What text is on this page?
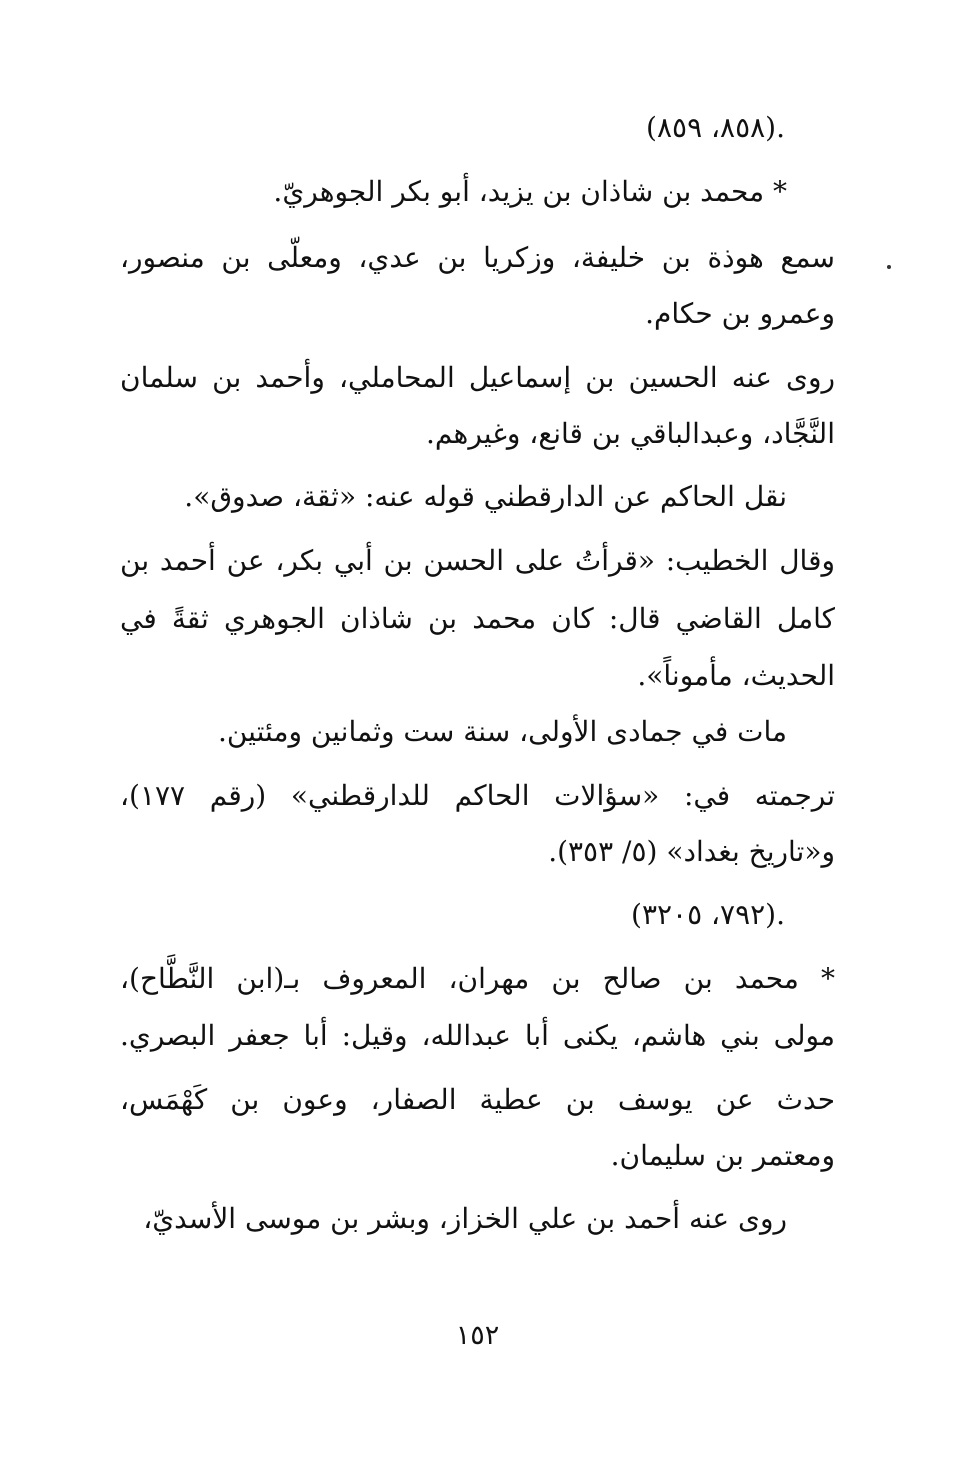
.(٨٥٨، ٨٥٩)
* محمد بن شاذان بن يزيد، أبو بكر الجوهريّ.
سمع هوذة بن خليفة، وزكريا بن عدي، ومعلّى بن منصور،
وعمرو بن حكام.
روى عنه الحسين بن إسماعيل المحاملي، وأحمد بن سلمان
النَّجَّاد، وعبدالباقي بن قانع، وغيرهم.
نقل الحاكم عن الدارقطني قوله عنه: «ثقة، صدوق».
وقال الخطيب: «قرأتُ على الحسن بن أبي بكر، عن أحمد بن
كامل القاضي قال: كان محمد بن شاذان الجوهري ثقةً في
الحديث، مأموناً».
مات في جمادى الأولى، سنة ست وثمانين ومئتين.
ترجمته في: «سؤالات الحاكم للدارقطني» (رقم ١٧٧)،
و«تاريخ بغداد» (٥/ ٣٥٣).
.(٧٩٢، ٣٢٠٥)
* محمد بن صالح بن مهران، المعروف بـ(ابن النَّطَّاح)،
مولى بني هاشم، يكنى أبا عبدالله، وقيل: أبا جعفر البصري.
حدث عن يوسف بن عطية الصفار، وعون بن كَهْمَس،
ومعتمر بن سليمان.
روى عنه أحمد بن علي الخزاز، وبشر بن موسى الأسديّ،
١٥٢
